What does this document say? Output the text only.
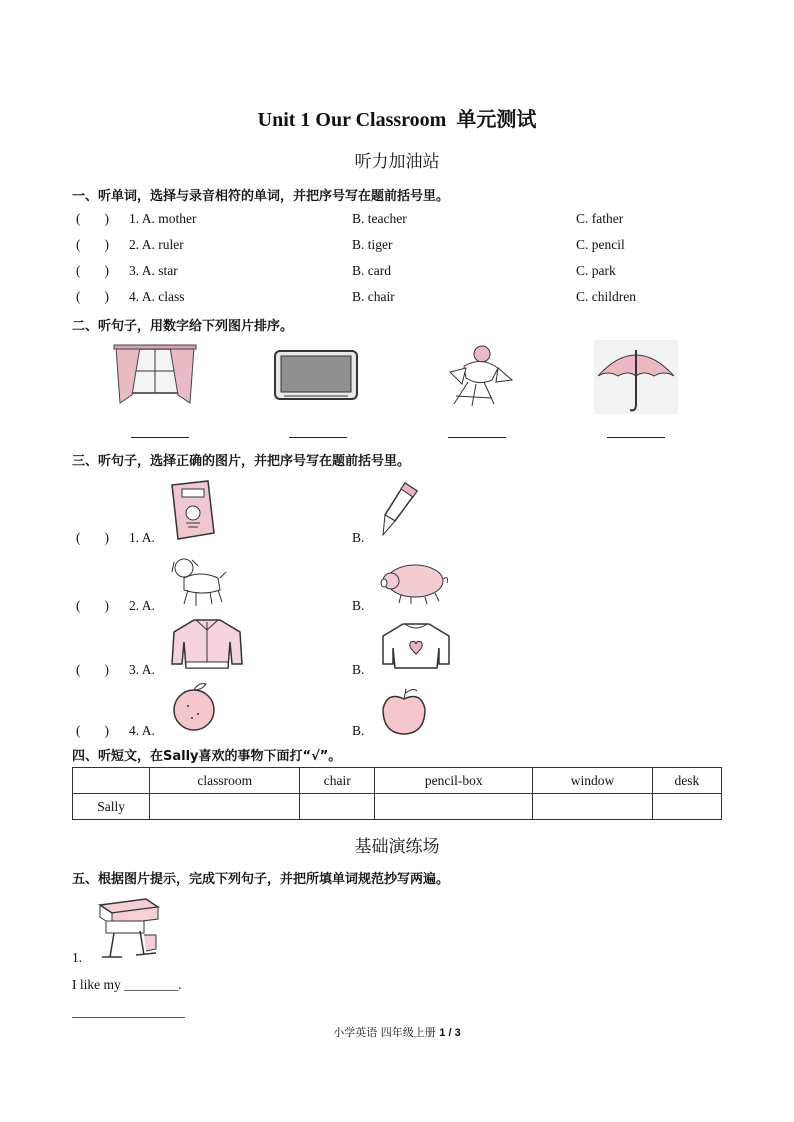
Unit 1 Our Classroom 单元测试
听力加油站
一、听单词，选择与录音相符的单词，并把序号写在题前括号里。
( ) 1. A. mother	B. teacher	C. father
( ) 2. A. ruler	B. tiger	C. pencil
( ) 3. A. star	B. card	C. park
( ) 4. A. class	B. chair	C. children
二、听句子，用数字给下列图片排序。
三、听句子，选择正确的图片，并把序号写在题前括号里。
( ) 1. A.	B.
( ) 2. A.	B.
( ) 3. A.	B.
( ) 4. A.	B.
四、听短文，在Sally喜欢的事物下面打“√”。
	classroom	chair	pencil-box	window	desk
Sally					
基础演练场
五、根据图片提示，完成下列句子，并把所填单词规范抄写两遍。
1.
I like my ________.
小学英语 四年级上册 1 / 3
